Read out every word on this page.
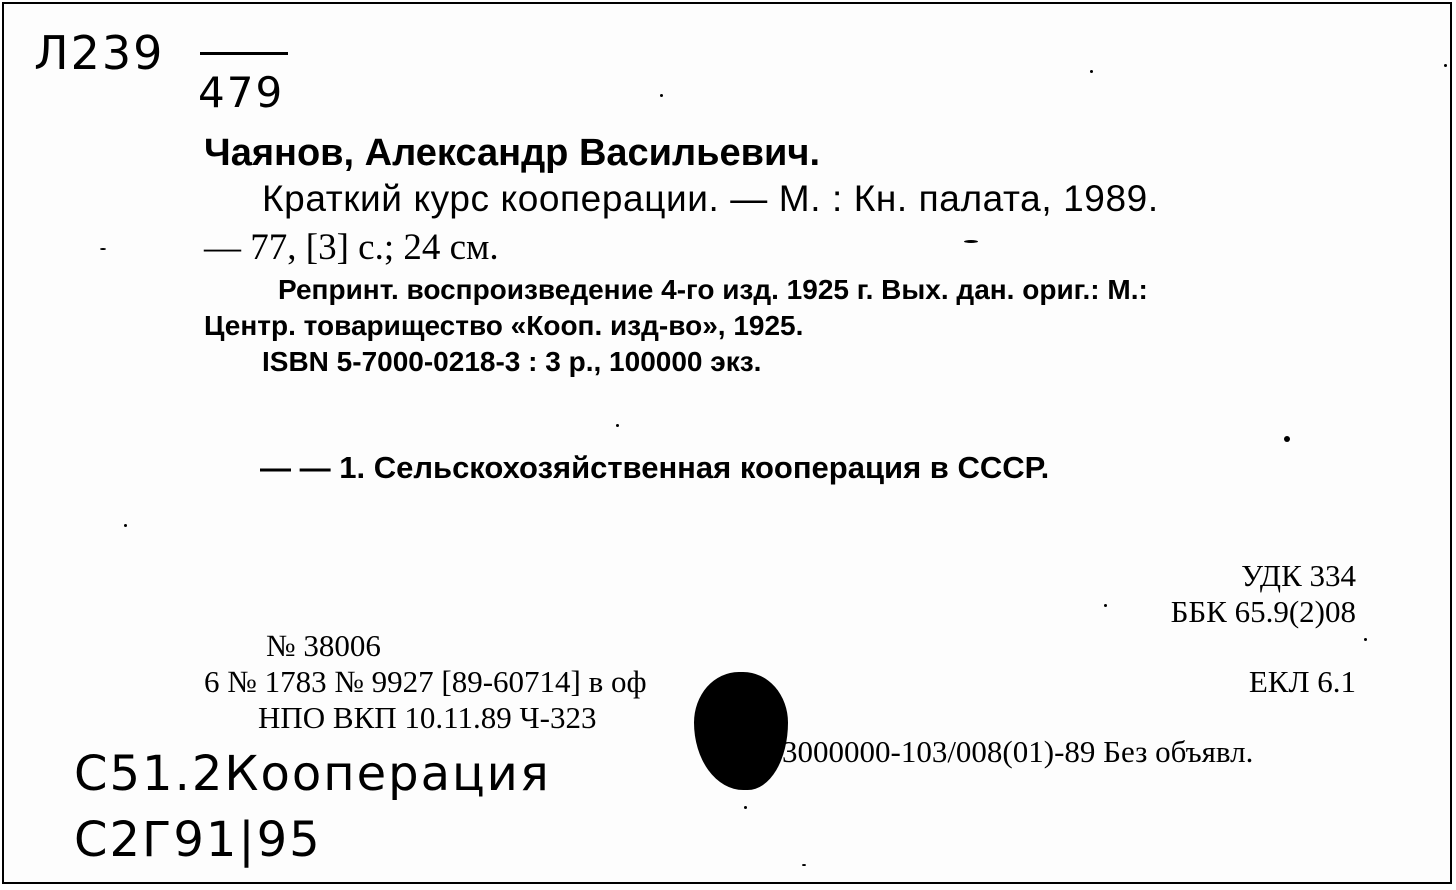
Л239
479
Чаянов, Александр Васильевич.
Краткий курс кооперации. — М. : Кн. палата, 1989.
— 77, [3] с.; 24 см.
Репринт. воспроизведение 4-го изд. 1925 г. Вых. дан. ориг.: М.:
Центр. товарищество «Кооп. изд-во», 1925.
ISBN 5-7000-0218-3 : 3 р., 100000 экз.
— — 1. Сельскохозяйственная кооперация в СССР.
УДК 334
ББК 65.9(2)08
ЕКЛ 6.1
№ 38006
6 № 1783 № 9927 [89-60714] в оф
НПО ВКП 10.11.89 Ч-323
3000000-103/008(01)-89 Без объявл.
С51.2Кооперация
С2Г91|95
